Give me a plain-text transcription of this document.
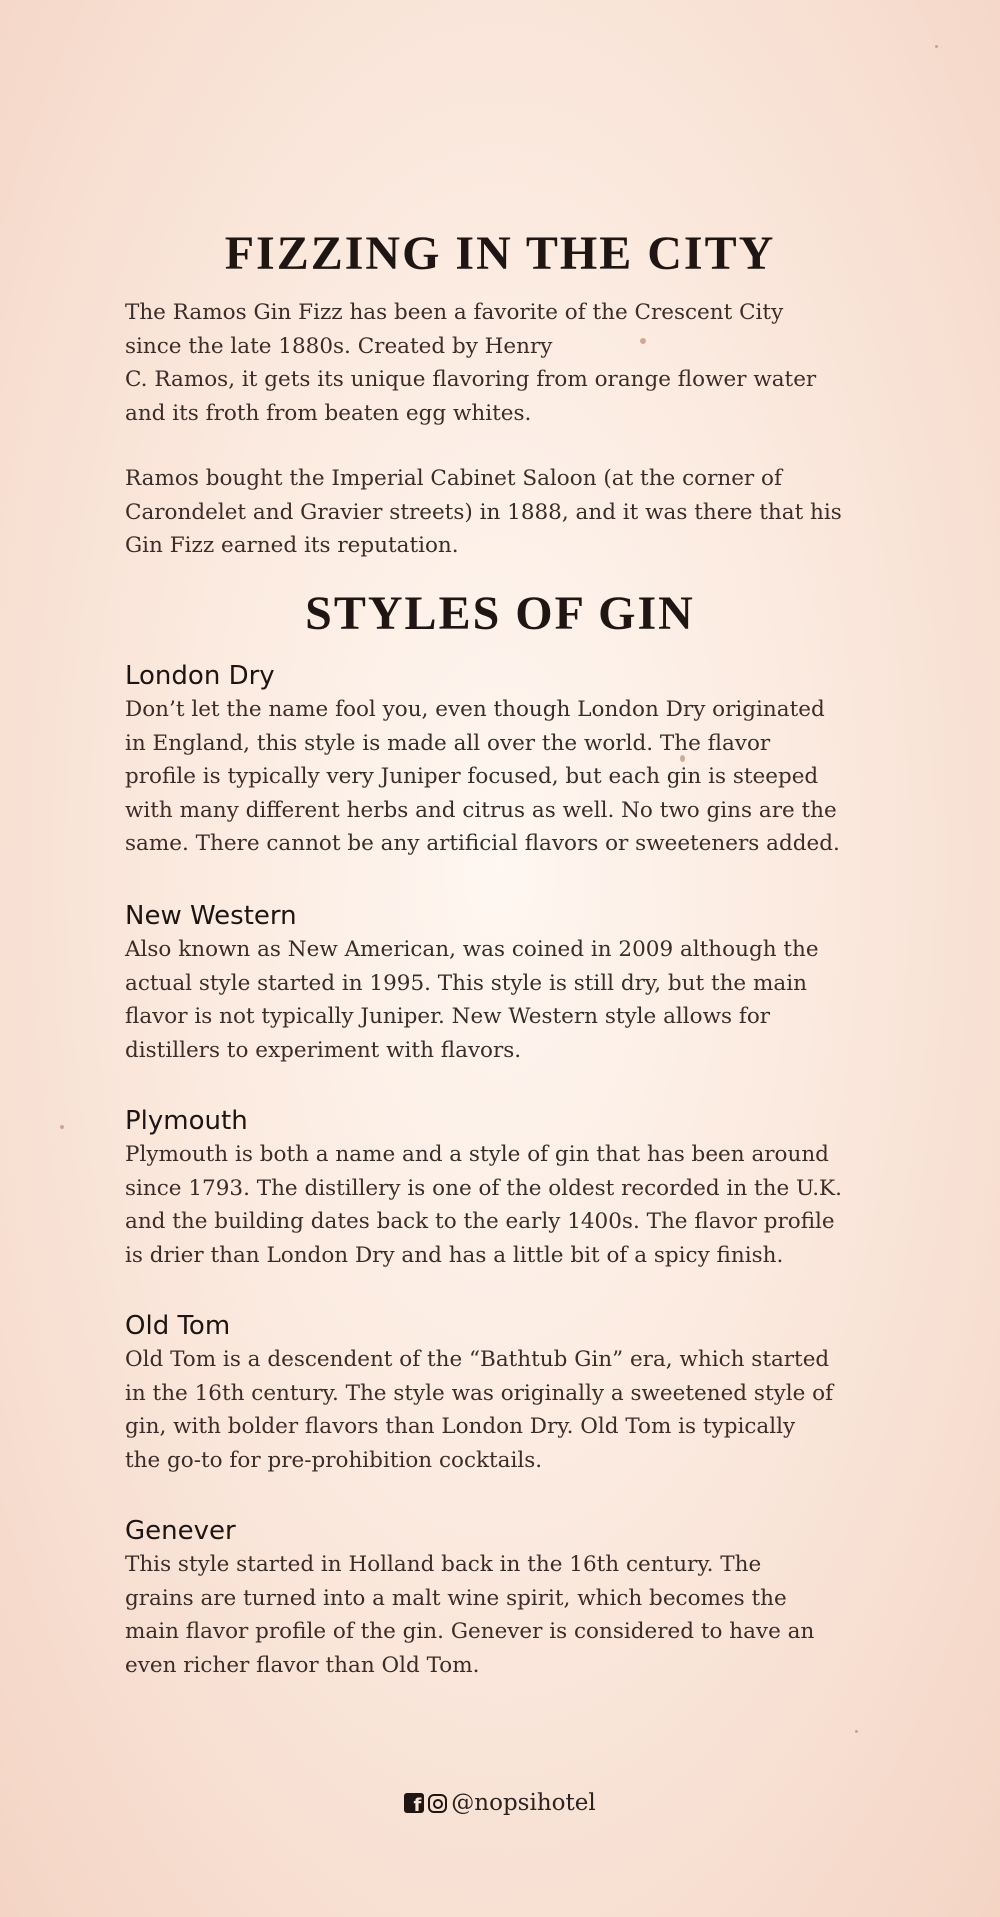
FIZZING IN THE CITY

The Ramos Gin Fizz has been a favorite of the Crescent City
since the late 1880s. Created by Henry
C. Ramos, it gets its unique flavoring from orange flower water
and its froth from beaten egg whites.

Ramos bought the Imperial Cabinet Saloon (at the corner of
Carondelet and Gravier streets) in 1888, and it was there that his
Gin Fizz earned its reputation.

STYLES OF GIN
London Dry

Don’t let the name fool you, even though London Dry originated
in England, this style is made all over the world. The flavor
profile is typically very Juniper focused, but each gin is steeped
with many different herbs and citrus as well. No two gins are the
same. There cannot be any artificial flavors or sweeteners added.

New Western

Also known as New American, was coined in 2009 although the
actual style started in 1995. This style is still dry, but the main
flavor is not typically Juniper. New Western style allows for
distillers to experiment with flavors.

Plymouth

Plymouth is both a name and a style of gin that has been around
since 1793. The distillery is one of the oldest recorded in the U.K.
and the building dates back to the early 1400s. The flavor profile
is drier than London Dry and has a little bit of a spicy finish.

Old Tom

Old Tom is a descendent of the “Bathtub Gin” era, which started
in the 16th century. The style was originally a sweetened style of
gin, with bolder flavors than London Dry. Old Tom is typically
the go-to for pre-prohibition cocktails.

Genever

This style started in Holland back in the 16th century. The
grains are turned into a malt wine spirit, which becomes the
main flavor profile of the gin. Genever is considered to have an
even richer flavor than Old Tom.

f
@nopsihotel
